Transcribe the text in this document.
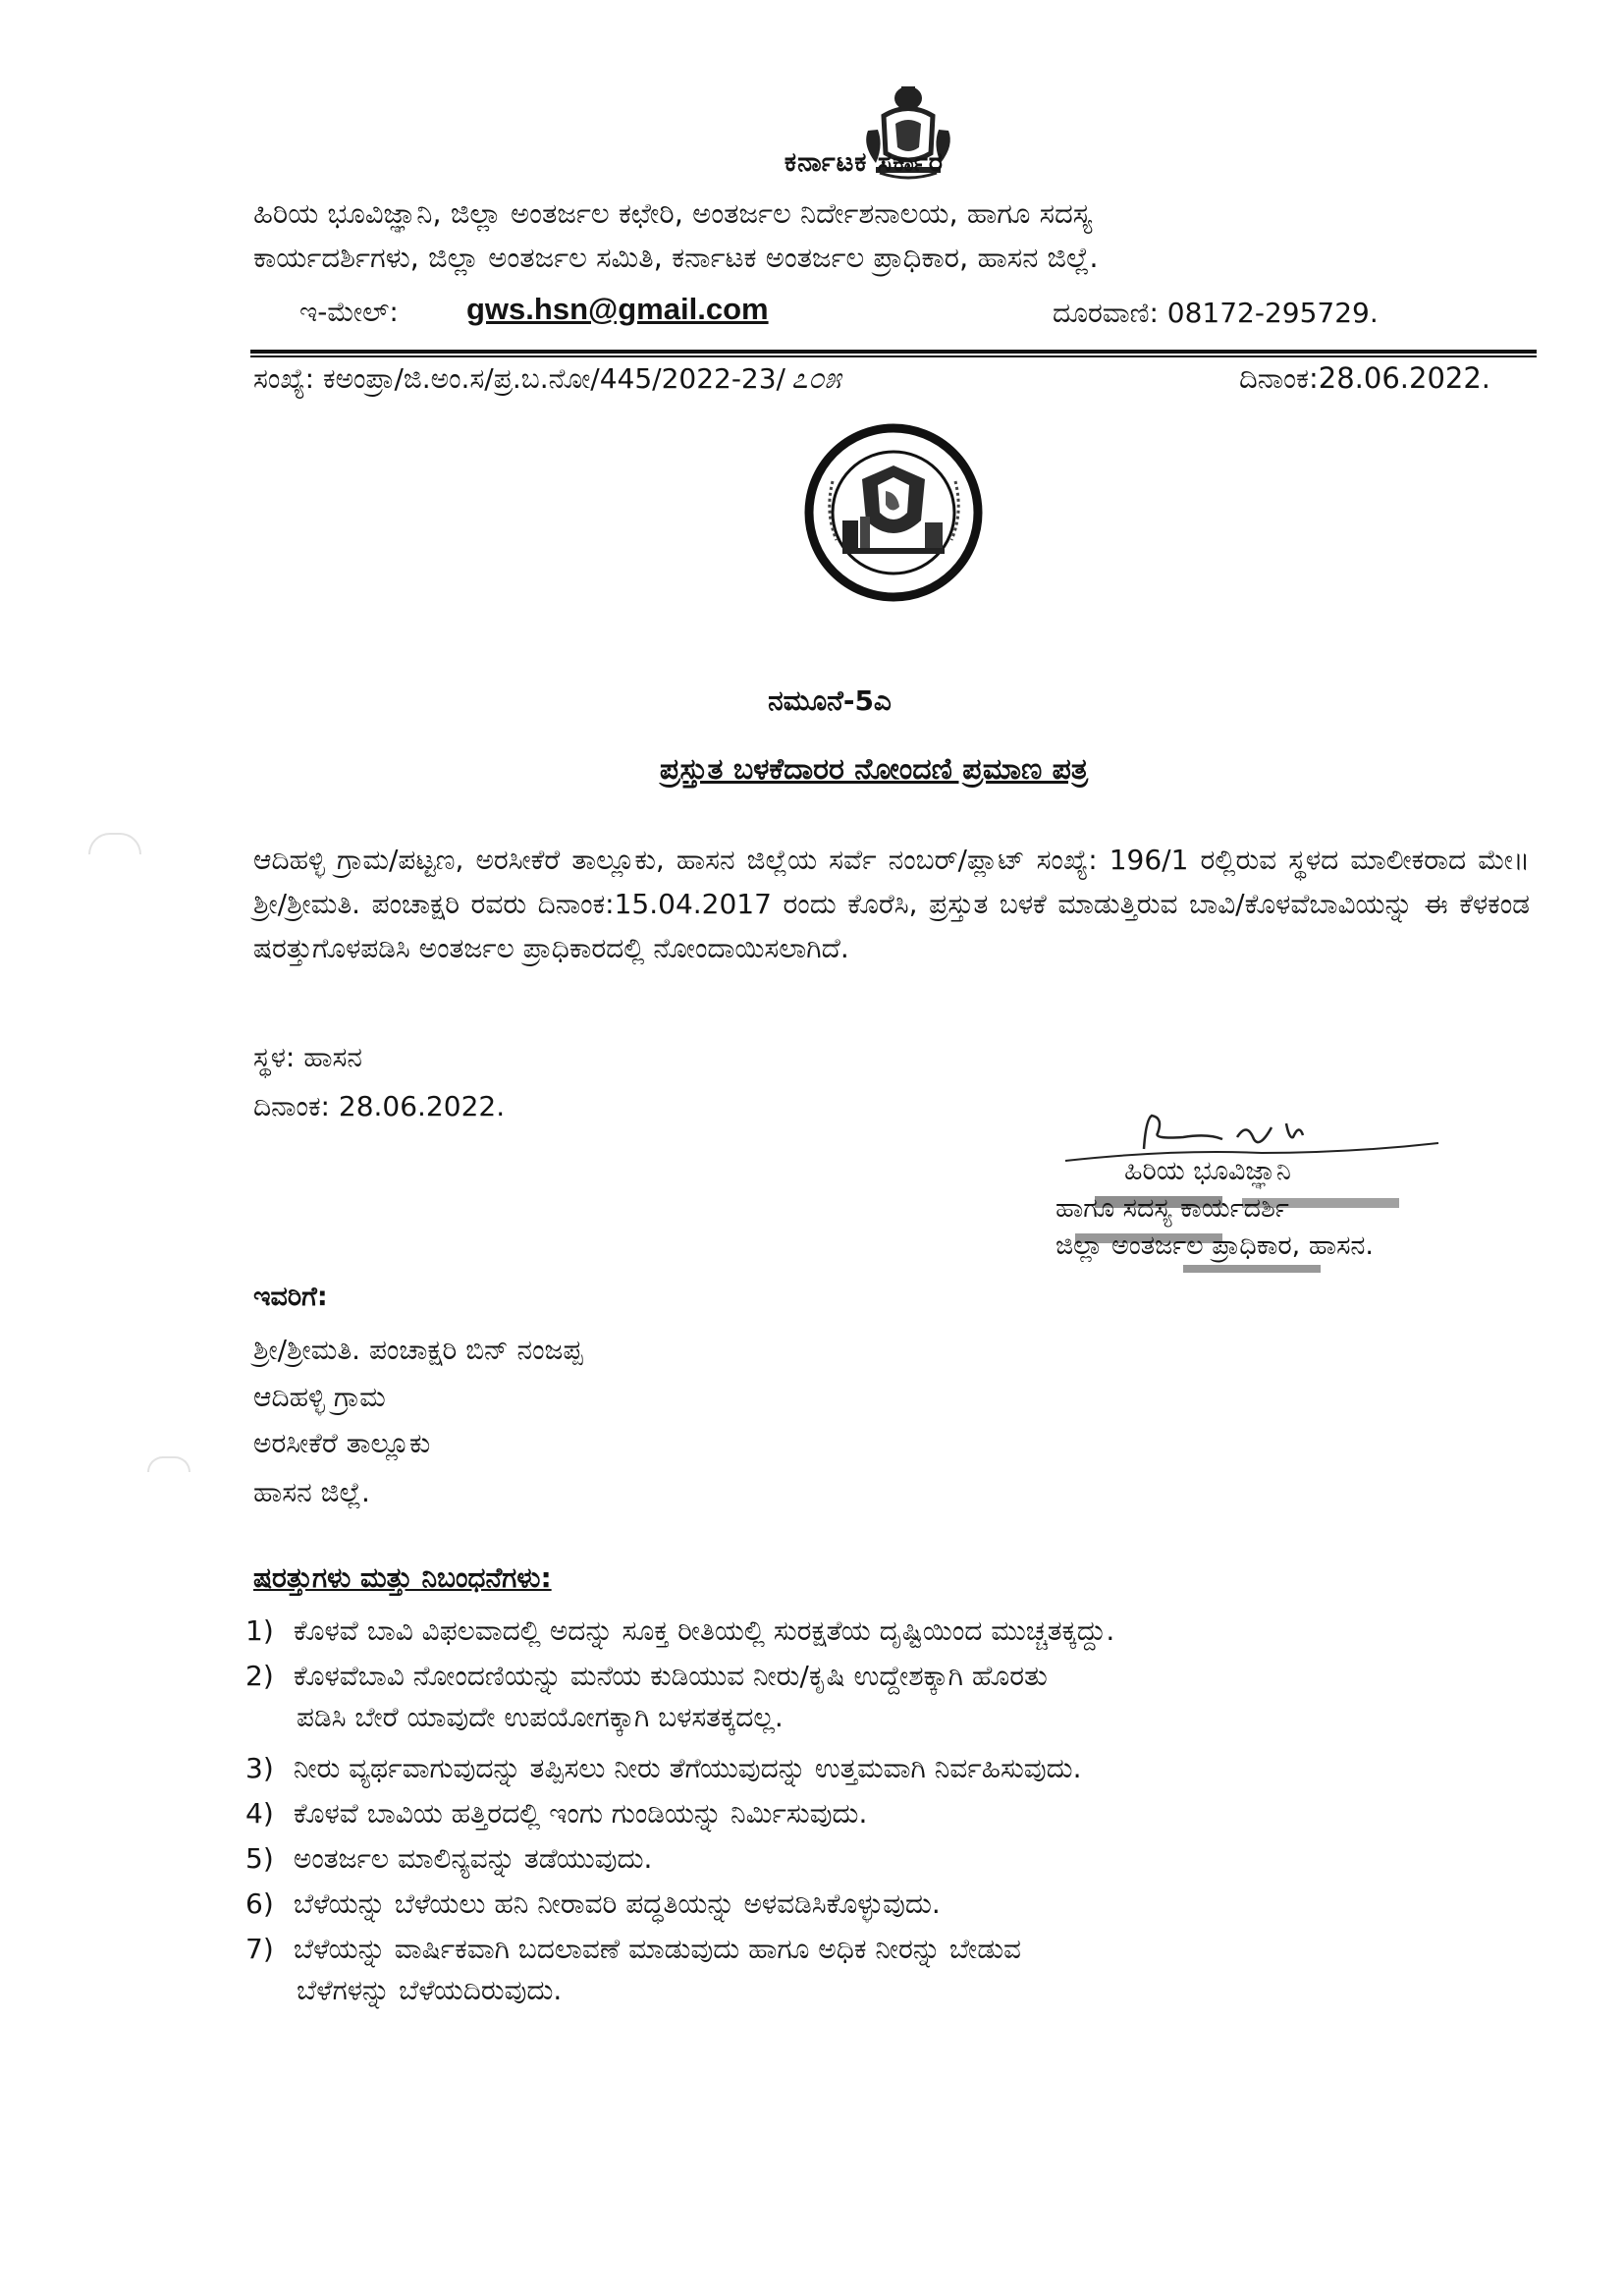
ಕರ್ನಾಟಕ ಸರ್ಕಾರ
ಹಿರಿಯ ಭೂವಿಜ್ಞಾನಿ, ಜಿಲ್ಲಾ ಅಂತರ್ಜಲ ಕಛೇರಿ, ಅಂತರ್ಜಲ ನಿರ್ದೇಶನಾಲಯ, ಹಾಗೂ ಸದಸ್ಯ
ಕಾರ್ಯದರ್ಶಿಗಳು, ಜಿಲ್ಲಾ ಅಂತರ್ಜಲ ಸಮಿತಿ, ಕರ್ನಾಟಕ ಅಂತರ್ಜಲ ಪ್ರಾಧಿಕಾರ, ಹಾಸನ ಜಿಲ್ಲೆ.
ಇ-ಮೇಲ್: gws.hsn@gmail.com	ದೂರವಾಣಿ: 08172-295729.
ಸಂಖ್ಯೆ: ಕಅಂಪ್ರಾ/ಜಿ.ಅಂ.ಸ/ಪ್ರ.ಬ.ನೋ/445/2022-23/ ೭೦೫	ದಿನಾಂಕ:28.06.2022.
ನಮೂನೆ-5ಎ
ಪ್ರಸ್ತುತ ಬಳಕೆದಾರರ ನೋಂದಣಿ ಪ್ರಮಾಣ ಪತ್ರ
ಆದಿಹಳ್ಳಿ ಗ್ರಾಮ/ಪಟ್ಟಣ, ಅರಸೀಕೆರೆ ತಾಲ್ಲೂಕು, ಹಾಸನ ಜಿಲ್ಲೆಯ ಸರ್ವೆ ನಂಬರ್/ಪ್ಲಾಟ್ ಸಂಖ್ಯೆ: 196/1 ರಲ್ಲಿರುವ ಸ್ಥಳದ ಮಾಲೀಕರಾದ ಮೇ॥ ಶ್ರೀ/ಶ್ರೀಮತಿ. ಪಂಚಾಕ್ಷರಿ ರವರು ದಿನಾಂಕ:15.04.2017 ರಂದು ಕೊರೆಸಿ, ಪ್ರಸ್ತುತ ಬಳಕೆ ಮಾಡುತ್ತಿರುವ ಬಾವಿ/ಕೊಳವೆಬಾವಿಯನ್ನು ಈ ಕೆಳಕಂಡ ಷರತ್ತುಗೊಳಪಡಿಸಿ ಅಂತರ್ಜಲ ಪ್ರಾಧಿಕಾರದಲ್ಲಿ ನೋಂದಾಯಿಸಲಾಗಿದೆ.
ಸ್ಥಳ: ಹಾಸನ
ದಿನಾಂಕ: 28.06.2022.
ಹಿರಿಯ ಭೂವಿಜ್ಞಾನಿ
ಹಾಗೂ ಸದಸ್ಯ ಕಾರ್ಯದರ್ಶಿ
ಜಿಲ್ಲಾ ಅಂತರ್ಜಲ ಪ್ರಾಧಿಕಾರ, ಹಾಸನ.
ಇವರಿಗೆ:
ಶ್ರೀ/ಶ್ರೀಮತಿ. ಪಂಚಾಕ್ಷರಿ ಬಿನ್ ನಂಜಪ್ಪ
ಆದಿಹಳ್ಳಿ ಗ್ರಾಮ
ಅರಸೀಕೆರೆ ತಾಲ್ಲೂಕು
ಹಾಸನ ಜಿಲ್ಲೆ.
ಷರತ್ತುಗಳು ಮತ್ತು ನಿಬಂಧನೆಗಳು:
1) ಕೊಳವೆ ಬಾವಿ ವಿಫಲವಾದಲ್ಲಿ ಅದನ್ನು ಸೂಕ್ತ ರೀತಿಯಲ್ಲಿ ಸುರಕ್ಷತೆಯ ದೃಷ್ಟಿಯಿಂದ ಮುಚ್ಚತಕ್ಕದ್ದು.
2) ಕೊಳವೆಬಾವಿ ನೋಂದಣಿಯನ್ನು ಮನೆಯ ಕುಡಿಯುವ ನೀರು/ಕೃಷಿ ಉದ್ದೇಶಕ್ಕಾಗಿ ಹೊರತು
ಪಡಿಸಿ ಬೇರೆ ಯಾವುದೇ ಉಪಯೋಗಕ್ಕಾಗಿ ಬಳಸತಕ್ಕದಲ್ಲ.
3) ನೀರು ವ್ಯರ್ಥವಾಗುವುದನ್ನು ತಪ್ಪಿಸಲು ನೀರು ತೆಗೆಯುವುದನ್ನು ಉತ್ತಮವಾಗಿ ನಿರ್ವಹಿಸುವುದು.
4) ಕೊಳವೆ ಬಾವಿಯ ಹತ್ತಿರದಲ್ಲಿ ಇಂಗು ಗುಂಡಿಯನ್ನು ನಿರ್ಮಿಸುವುದು.
5) ಅಂತರ್ಜಲ ಮಾಲಿನ್ಯವನ್ನು ತಡೆಯುವುದು.
6) ಬೆಳೆಯನ್ನು ಬೆಳೆಯಲು ಹನಿ ನೀರಾವರಿ ಪದ್ಧತಿಯನ್ನು ಅಳವಡಿಸಿಕೊಳ್ಳುವುದು.
7) ಬೆಳೆಯನ್ನು ವಾರ್ಷಿಕವಾಗಿ ಬದಲಾವಣೆ ಮಾಡುವುದು ಹಾಗೂ ಅಧಿಕ ನೀರನ್ನು ಬೇಡುವ
ಬೆಳೆಗಳನ್ನು ಬೆಳೆಯದಿರುವುದು.
